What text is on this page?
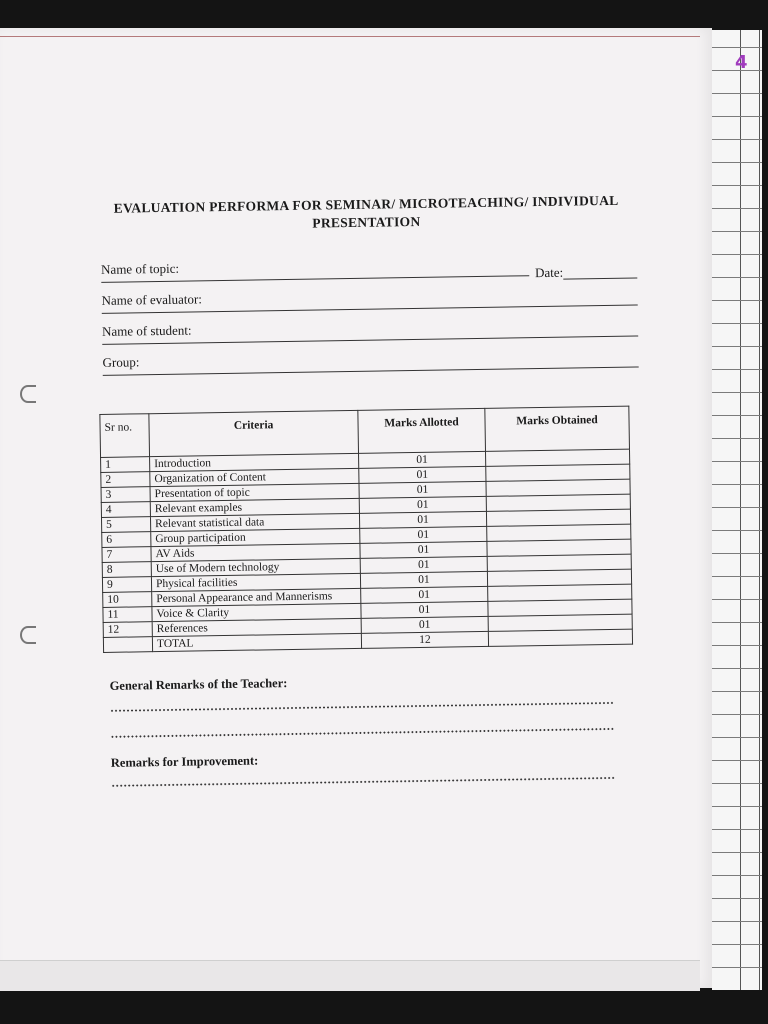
4
EVALUATION PERFORMA FOR SEMINAR/ MICROTEACHING/ INDIVIDUAL
PRESENTATION
Name of topic:	Date:
Name of evaluator:
Name of student:
Group:
Sr no.	Criteria	Marks Allotted	Marks Obtained
1	Introduction	01	
2	Organization of Content	01	
3	Presentation of topic	01	
4	Relevant examples	01	
5	Relevant statistical data	01	
6	Group participation	01	
7	AV Aids	01	
8	Use of Modern technology	01	
9	Physical facilities	01	
10	Personal Appearance and Mannerisms	01	
11	Voice & Clarity	01	
12	References	01	
	TOTAL	12	
General Remarks of the Teacher:
Remarks for Improvement:
